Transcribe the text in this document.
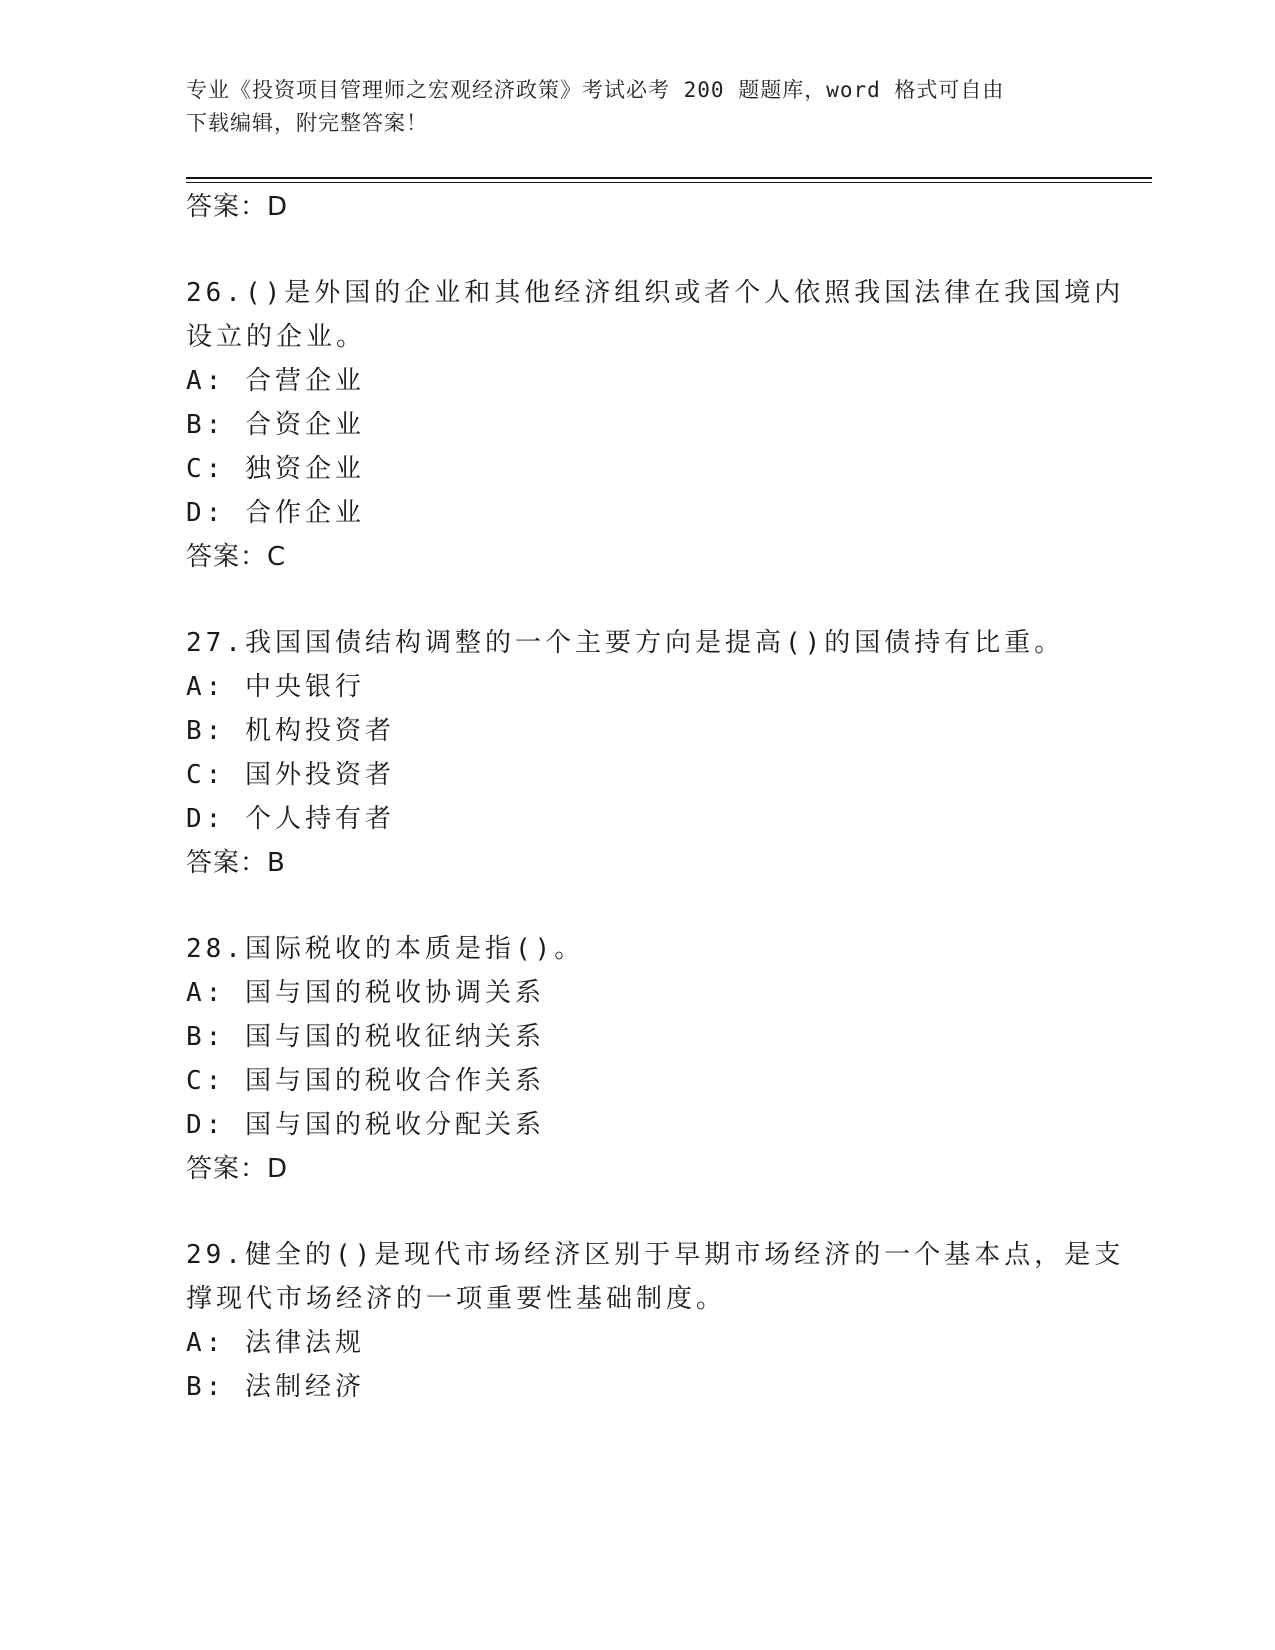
专业《投资项目管理师之宏观经济政策》考试必考 200 题题库，word 格式可自由
下载编辑，附完整答案！
答案：D
26.()是外国的企业和其他经济组织或者个人依照我国法律在我国境内
设立的企业。
A: 合营企业
B: 合资企业
C: 独资企业
D: 合作企业
答案：C
27.我国国债结构调整的一个主要方向是提高()的国债持有比重。
A: 中央银行
B: 机构投资者
C: 国外投资者
D: 个人持有者
答案：B
28.国际税收的本质是指()。
A: 国与国的税收协调关系
B: 国与国的税收征纳关系
C: 国与国的税收合作关系
D: 国与国的税收分配关系
答案：D
29.健全的()是现代市场经济区别于早期市场经济的一个基本点，是支
撑现代市场经济的一项重要性基础制度。
A: 法律法规
B: 法制经济
